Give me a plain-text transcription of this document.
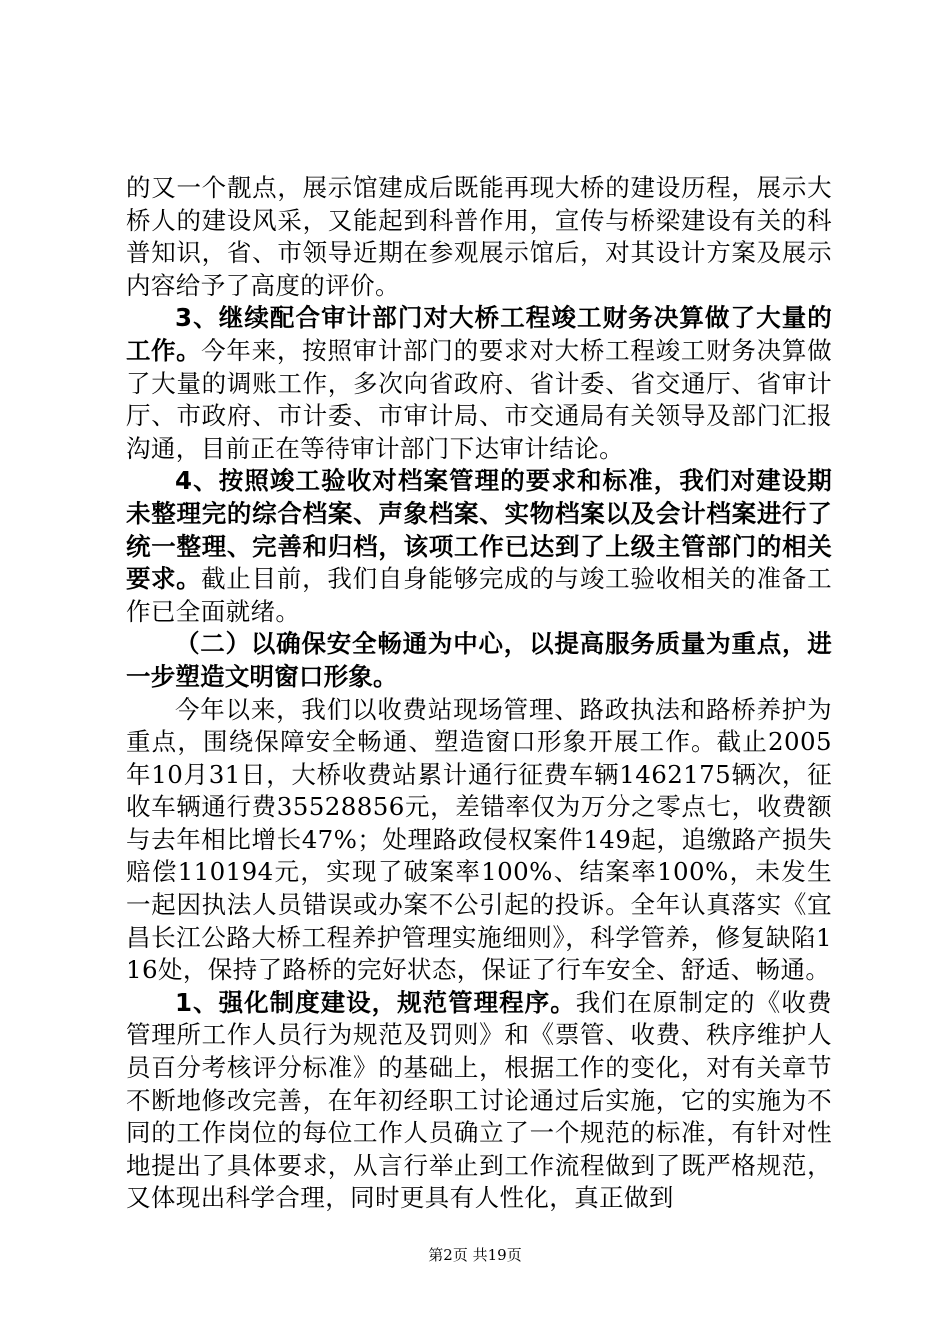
的又一个靓点，展示馆建成后既能再现大桥的建设历程，展示大桥人的建设风采，又能起到科普作用，宣传与桥梁建设有关的科普知识，省、市领导近期在参观展示馆后，对其设计方案及展示内容给予了高度的评价。

3、继续配合审计部门对大桥工程竣工财务决算做了大量的工作。今年来，按照审计部门的要求对大桥工程竣工财务决算做了大量的调账工作，多次向省政府、省计委、省交通厅、省审计厅、市政府、市计委、市审计局、市交通局有关领导及部门汇报沟通，目前正在等待审计部门下达审计结论。

4、按照竣工验收对档案管理的要求和标准，我们对建设期未整理完的综合档案、声象档案、实物档案以及会计档案进行了统一整理、完善和归档，该项工作已达到了上级主管部门的相关要求。截止目前，我们自身能够完成的与竣工验收相关的准备工作已全面就绪。

（二）以确保安全畅通为中心，以提高服务质量为重点，进一步塑造文明窗口形象。

今年以来，我们以收费站现场管理、路政执法和路桥养护为重点，围绕保障安全畅通、塑造窗口形象开展工作。截止2005年10月31日，大桥收费站累计通行征费车辆1462175辆次，征收车辆通行费35528856元，差错率仅为万分之零点七，收费额与去年相比增长47%；处理路政侵权案件149起，追缴路产损失赔偿110194元，实现了破案率100%、结案率100%，未发生一起因执法人员错误或办案不公引起的投诉。全年认真落实《宜昌长江公路大桥工程养护管理实施细则》，科学管养，修复缺陷116处，保持了路桥的完好状态，保证了行车安全、舒适、畅通。

1、强化制度建设，规范管理程序。我们在原制定的《收费管理所工作人员行为规范及罚则》和《票管、收费、秩序维护人员百分考核评分标准》的基础上，根据工作的变化，对有关章节不断地修改完善，在年初经职工讨论通过后实施，它的实施为不同的工作岗位的每位工作人员确立了一个规范的标准，有针对性地提出了具体要求，从言行举止到工作流程做到了既严格规范，又体现出科学合理，同时更具有人性化，真正做到

第2页 共19页
